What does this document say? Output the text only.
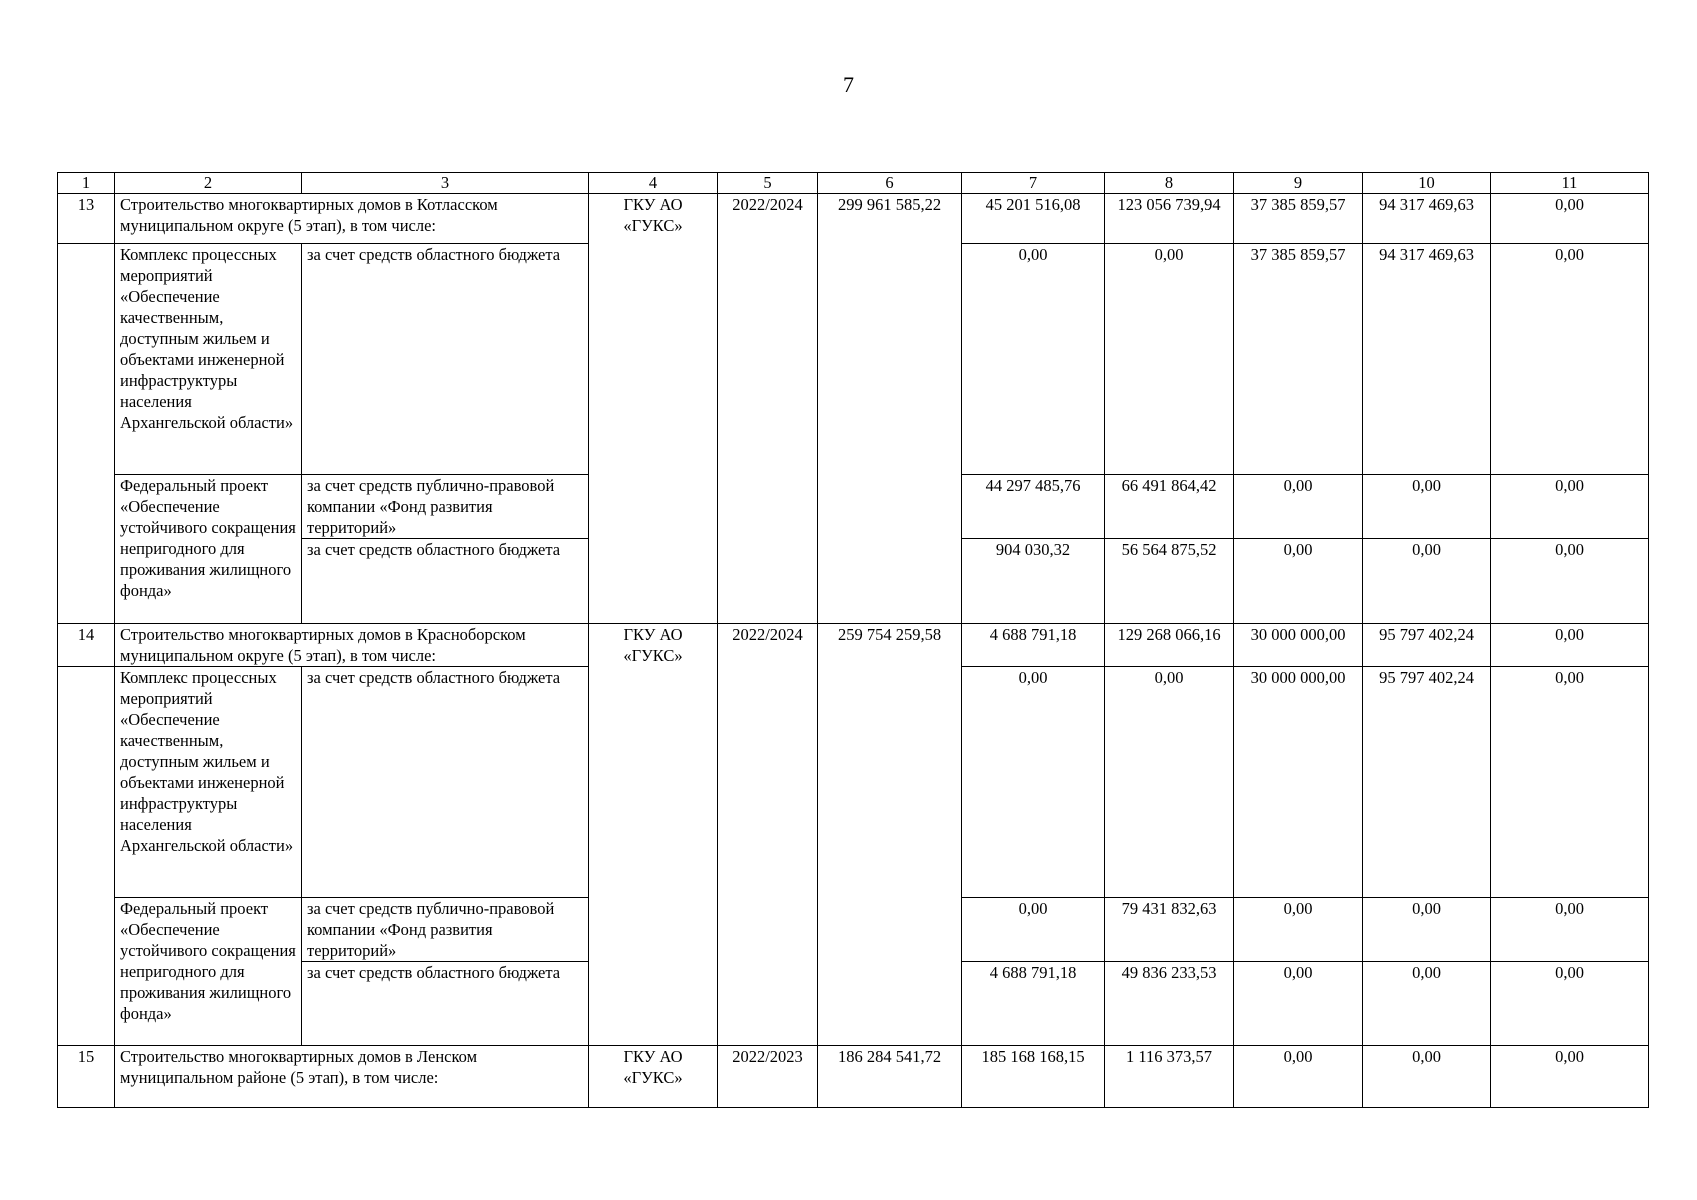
7
1	2	3	4	5	6	7	8	9	10	11
13	Строительство многоквартирных домов в Котласском муниципальном округе (5 этап), в том числе:		ГКУ АО «ГУКС»	2022/2024	299 961 585,22	45 201 516,08	123 056 739,94	37 385 859,57	94 317 469,63	0,00
	Комплекс процессных мероприятий «Обеспечение качественным, доступным жильем и объектами инженерной инфраструктуры населения Архангельской области»	за счет средств областного бюджета				0,00	0,00	37 385 859,57	94 317 469,63	0,00
	Федеральный проект «Обеспечение устойчивого сокращения непригодного для проживания жилищного фонда»	за счет средств публично-правовой компании «Фонд развития территорий»				44 297 485,76	66 491 864,42	0,00	0,00	0,00
		за счет средств областного бюджета				904 030,32	56 564 875,52	0,00	0,00	0,00

14	Строительство многоквартирных домов в Красноборском муниципальном округе (5 этап), в том числе:		ГКУ АО «ГУКС»	2022/2024	259 754 259,58	4 688 791,18	129 268 066,16	30 000 000,00	95 797 402,24	0,00
	Комплекс процессных мероприятий «Обеспечение качественным, доступным жильем и объектами инженерной инфраструктуры населения Архангельской области»	за счет средств областного бюджета				0,00	0,00	30 000 000,00	95 797 402,24	0,00
	Федеральный проект «Обеспечение устойчивого сокращения непригодного для проживания жилищного фонда»	за счет средств публично-правовой компании «Фонд развития территорий»				0,00	79 431 832,63	0,00	0,00	0,00
		за счет средств областного бюджета				4 688 791,18	49 836 233,53	0,00	0,00	0,00

15	Строительство многоквартирных домов в Ленском муниципальном районе (5 этап), в том числе:		ГКУ АО «ГУКС»	2022/2023	186 284 541,72	185 168 168,15	1 116 373,57	0,00	0,00	0,00
